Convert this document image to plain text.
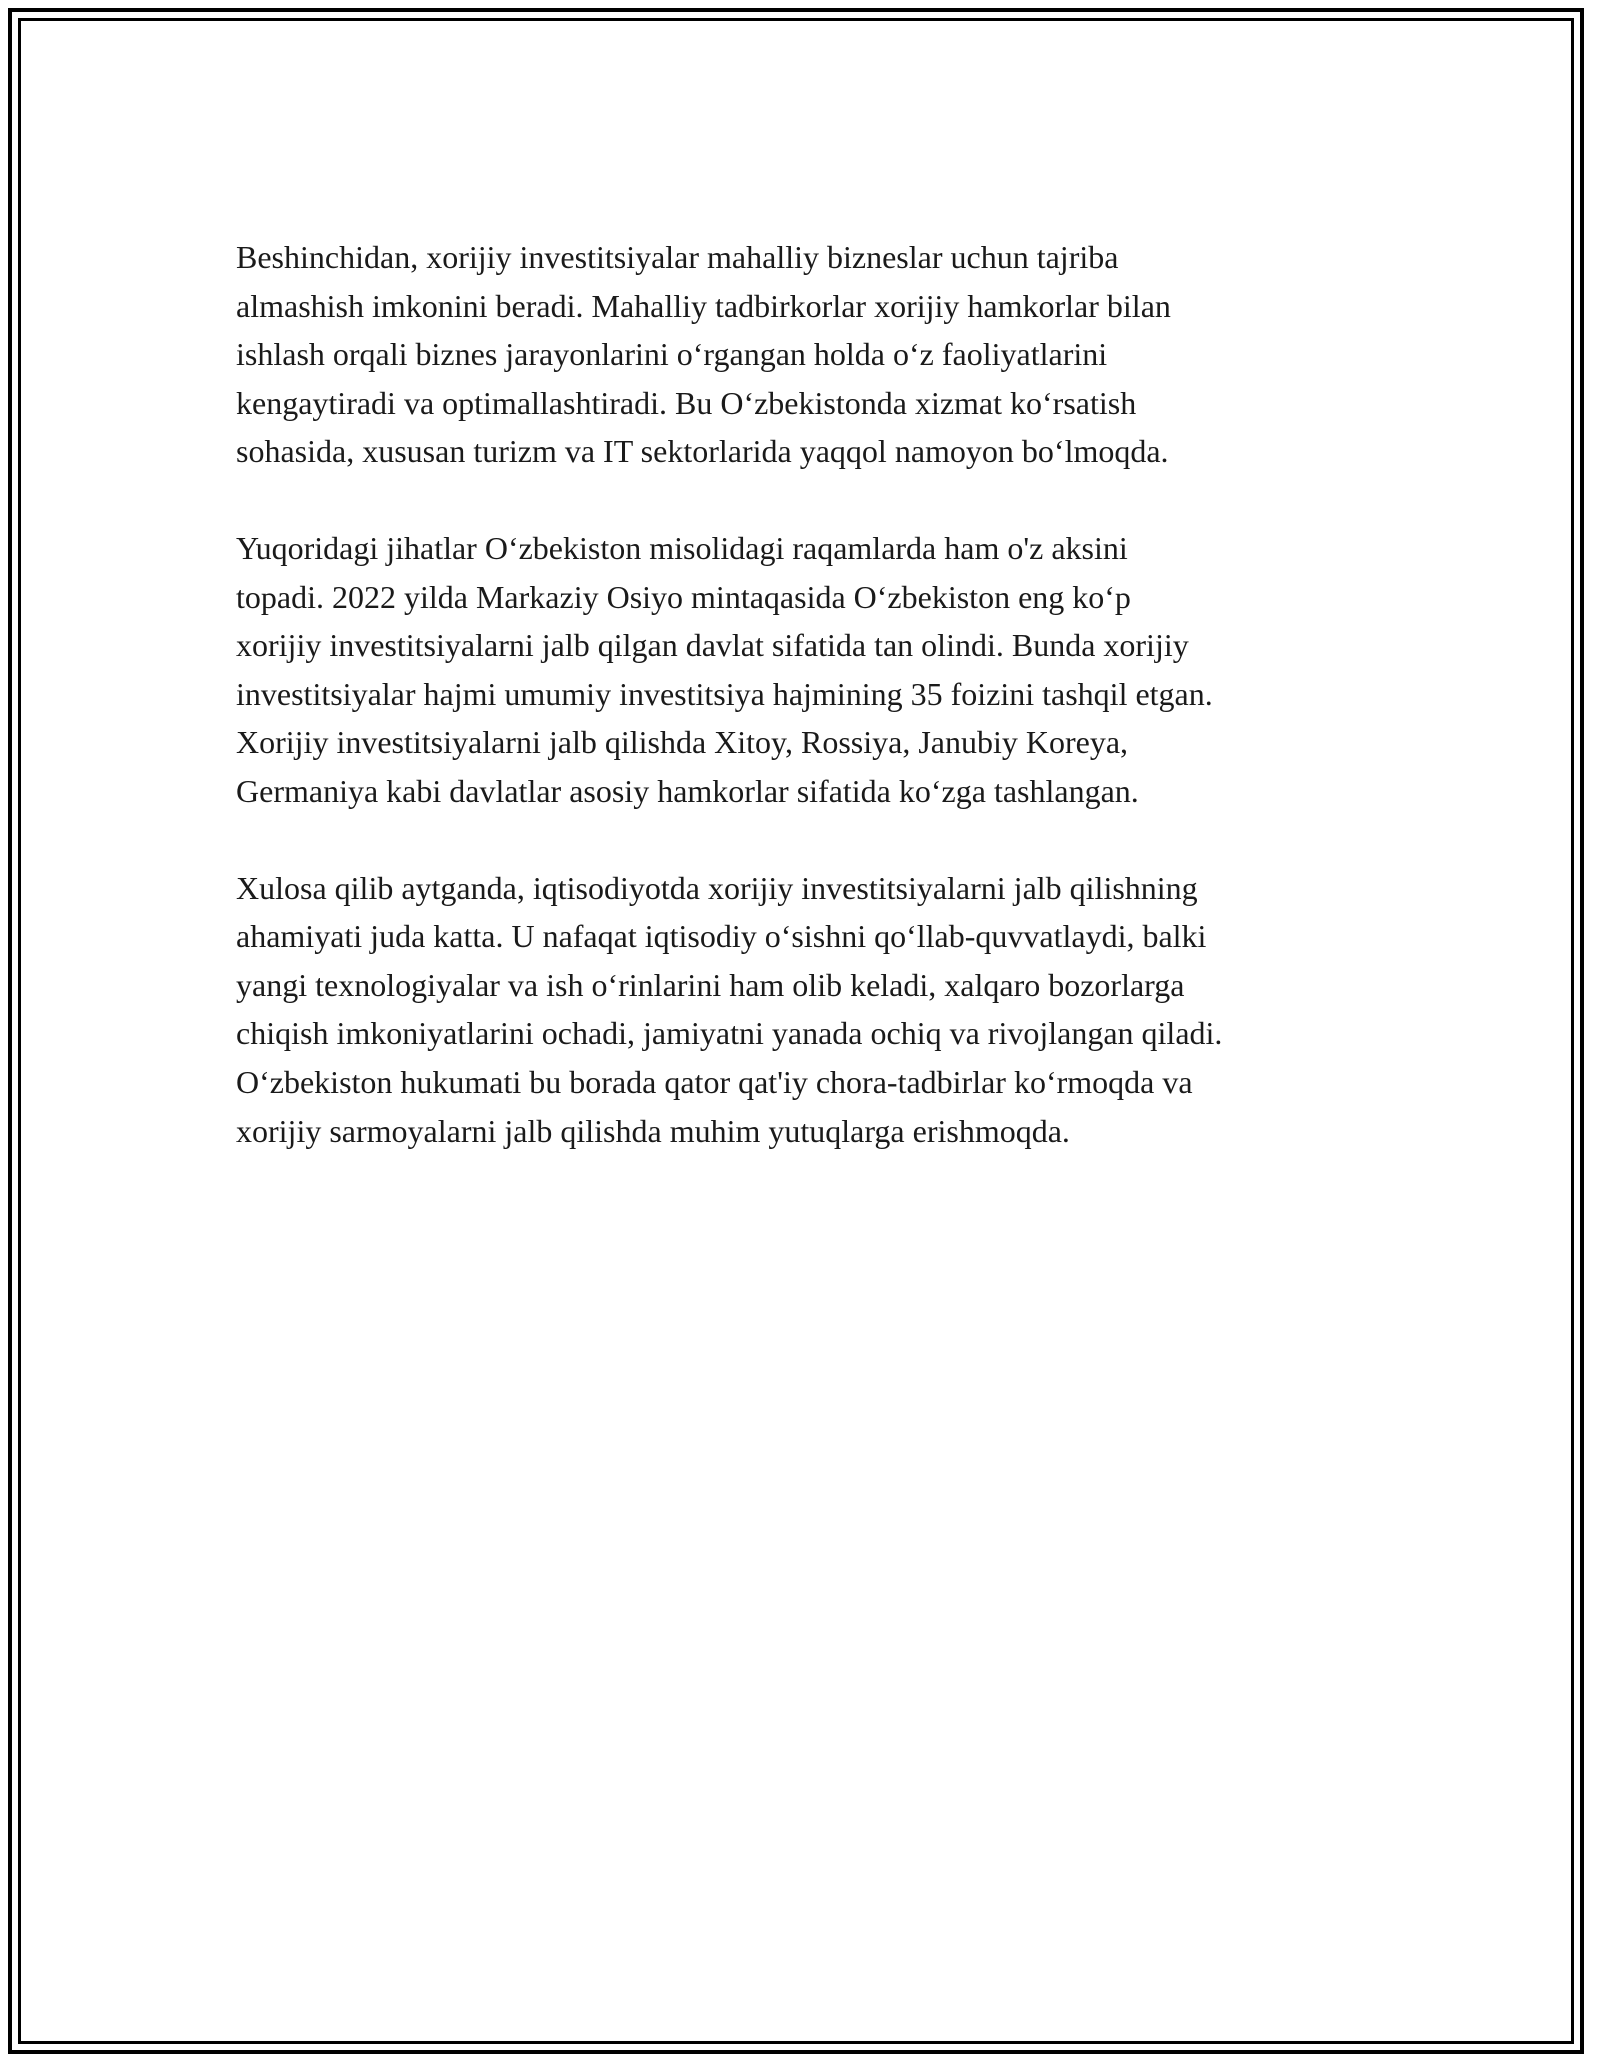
Beshinchidan, xorijiy investitsiyalar mahalliy bizneslar uchun tajriba
almashish imkonini beradi. Mahalliy tadbirkorlar xorijiy hamkorlar bilan
ishlash orqali biznes jarayonlarini oʻrgangan holda oʻz faoliyatlarini
kengaytiradi va optimallashtiradi. Bu Oʻzbekistonda xizmat koʻrsatish
sohasida, xususan turizm va IT sektorlarida yaqqol namoyon boʻlmoqda.

Yuqoridagi jihatlar Oʻzbekiston misolidagi raqamlarda ham o'z aksini
topadi. 2022 yilda Markaziy Osiyo mintaqasida Oʻzbekiston eng koʻp
xorijiy investitsiyalarni jalb qilgan davlat sifatida tan olindi. Bunda xorijiy
investitsiyalar hajmi umumiy investitsiya hajmining 35 foizini tashqil etgan.
Xorijiy investitsiyalarni jalb qilishda Xitoy, Rossiya, Janubiy Koreya,
Germaniya kabi davlatlar asosiy hamkorlar sifatida koʻzga tashlangan.

Xulosa qilib aytganda, iqtisodiyotda xorijiy investitsiyalarni jalb qilishning
ahamiyati juda katta. U nafaqat iqtisodiy oʻsishni qoʻllab-quvvatlaydi, balki
yangi texnologiyalar va ish oʻrinlarini ham olib keladi, xalqaro bozorlarga
chiqish imkoniyatlarini ochadi, jamiyatni yanada ochiq va rivojlangan qiladi.
Oʻzbekiston hukumati bu borada qator qat'iy chora-tadbirlar koʻrmoqda va
xorijiy sarmoyalarni jalb qilishda muhim yutuqlarga erishmoqda.
